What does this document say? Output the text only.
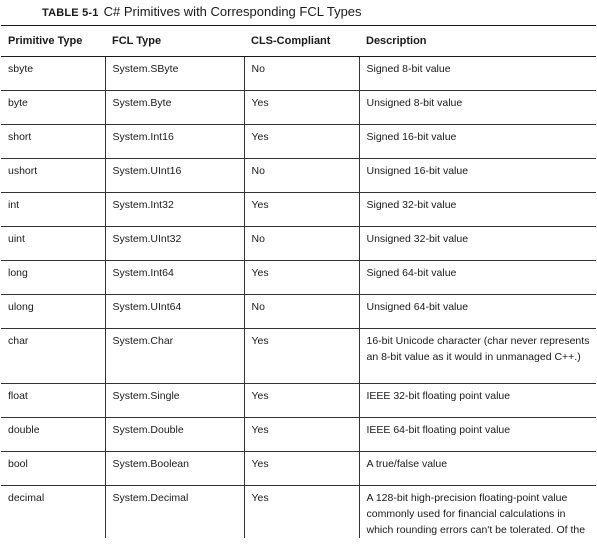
TABLE 5-1 C# Primitives with Corresponding FCL Types
Primitive Type	FCL Type	CLS-Compliant	Description
sbyte	System.SByte	No	Signed 8-bit value
byte	System.Byte	Yes	Unsigned 8-bit value
short	System.Int16	Yes	Signed 16-bit value
ushort	System.UInt16	No	Unsigned 16-bit value
int	System.Int32	Yes	Signed 32-bit value
uint	System.UInt32	No	Unsigned 32-bit value
long	System.Int64	Yes	Signed 64-bit value
ulong	System.UInt64	No	Unsigned 64-bit value
char	System.Char	Yes	16-bit Unicode character (char never represents an 8-bit value as it would in unmanaged C++.)
float	System.Single	Yes	IEEE 32-bit floating point value
double	System.Double	Yes	IEEE 64-bit floating point value
bool	System.Boolean	Yes	A true/false value
decimal	System.Decimal	Yes	A 128-bit high-precision floating-point value commonly used for financial calculations in which rounding errors can't be tolerated. Of the
